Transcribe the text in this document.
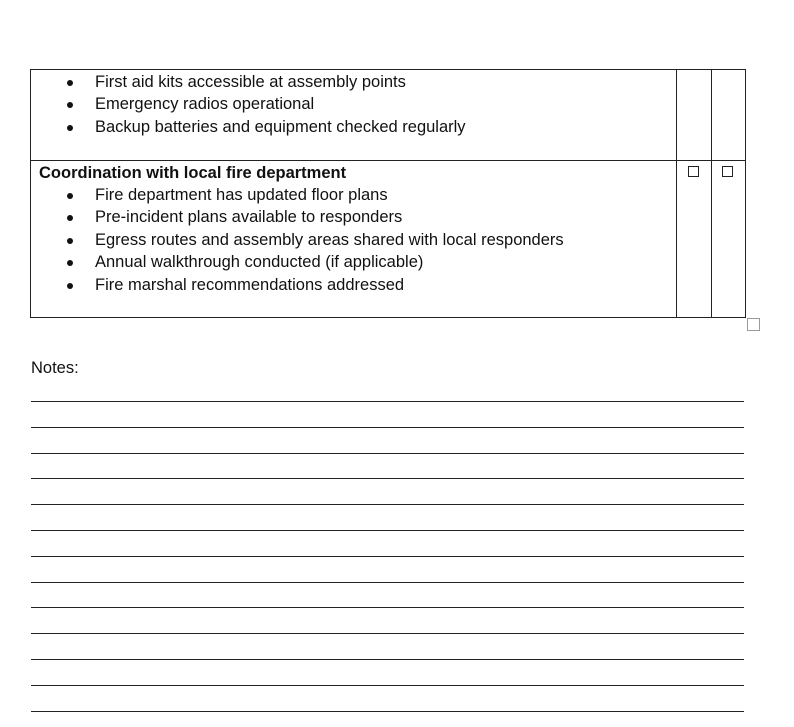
First aid kits accessible at assembly points
Emergency radios operational
Backup batteries and equipment checked regularly
Coordination with local fire department
Fire department has updated floor plans
Pre-incident plans available to responders
Egress routes and assembly areas shared with local responders
Annual walkthrough conducted (if applicable)
Fire marshal recommendations addressed
Notes:
